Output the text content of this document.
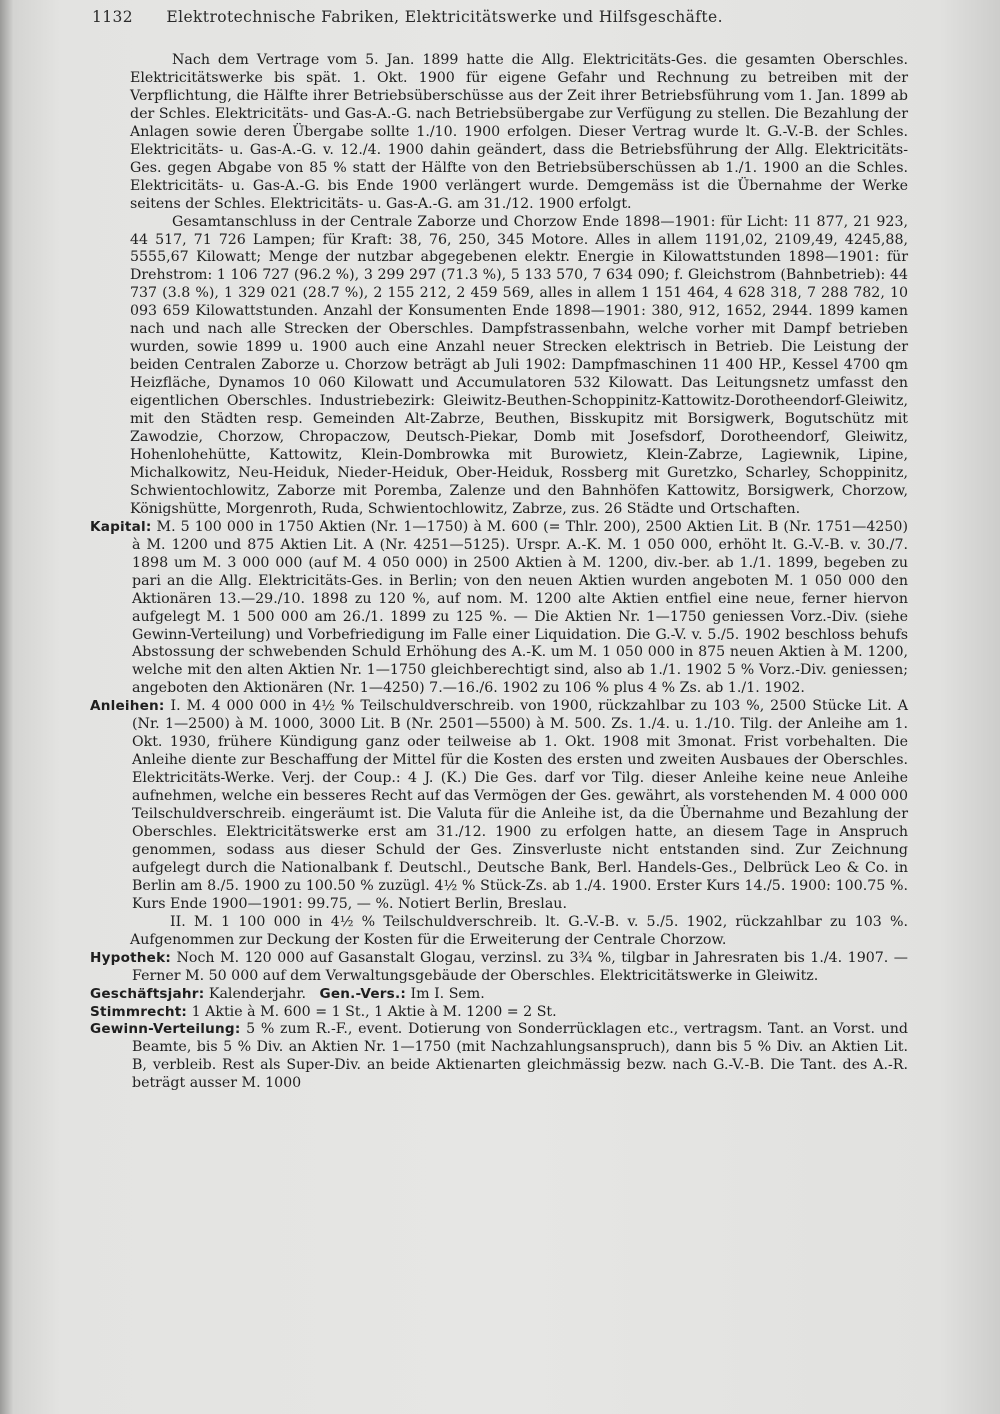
1132 Elektrotechnische Fabriken, Elektricitätswerke und Hilfsgeschäfte.

Nach dem Vertrage vom 5. Jan. 1899 hatte die Allg. Elektricitäts-Ges. die gesamten Oberschles. Elektricitätswerke bis spät. 1. Okt. 1900 für eigene Gefahr und Rechnung zu betreiben mit der Verpflichtung, die Hälfte ihrer Betriebsüberschüsse aus der Zeit ihrer Betriebsführung vom 1. Jan. 1899 ab der Schles. Elektricitäts- und Gas-A.-G. nach Betriebsübergabe zur Verfügung zu stellen. Die Bezahlung der Anlagen sowie deren Übergabe sollte 1./10. 1900 erfolgen. Dieser Vertrag wurde lt. G.-V.-B. der Schles. Elektricitäts- u. Gas-A.-G. v. 12./4. 1900 dahin geändert, dass die Betriebsführung der Allg. Elektricitäts-Ges. gegen Abgabe von 85 % statt der Hälfte von den Betriebsüberschüssen ab 1./1. 1900 an die Schles. Elektricitäts- u. Gas-A.-G. bis Ende 1900 verlängert wurde. Demgemäss ist die Übernahme der Werke seitens der Schles. Elektricitäts- u. Gas-A.-G. am 31./12. 1900 erfolgt.

Gesamtanschluss in der Centrale Zaborze und Chorzow Ende 1898—1901: für Licht: 11 877, 21 923, 44 517, 71 726 Lampen; für Kraft: 38, 76, 250, 345 Motore. Alles in allem 1191,02, 2109,49, 4245,88, 5555,67 Kilowatt; Menge der nutzbar abgegebenen elektr. Energie in Kilowattstunden 1898—1901: für Drehstrom: 1 106 727 (96.2 %), 3 299 297 (71.3 %), 5 133 570, 7 634 090; f. Gleichstrom (Bahnbetrieb): 44 737 (3.8 %), 1 329 021 (28.7 %), 2 155 212, 2 459 569, alles in allem 1 151 464, 4 628 318, 7 288 782, 10 093 659 Kilowattstunden. Anzahl der Konsumenten Ende 1898—1901: 380, 912, 1652, 2944. 1899 kamen nach und nach alle Strecken der Oberschles. Dampfstrassenbahn, welche vorher mit Dampf betrieben wurden, sowie 1899 u. 1900 auch eine Anzahl neuer Strecken elektrisch in Betrieb. Die Leistung der beiden Centralen Zaborze u. Chorzow beträgt ab Juli 1902: Dampfmaschinen 11 400 HP., Kessel 4700 qm Heizfläche, Dynamos 10 060 Kilowatt und Accumulatoren 532 Kilowatt. Das Leitungsnetz umfasst den eigentlichen Oberschles. Industriebezirk: Gleiwitz-Beuthen-Schoppinitz-Kattowitz-Dorotheendorf-Gleiwitz, mit den Städten resp. Gemeinden Alt-Zabrze, Beuthen, Bisskupitz mit Borsigwerk, Bogutschütz mit Zawodzie, Chorzow, Chropaczow, Deutsch-Piekar, Domb mit Josefsdorf, Dorotheendorf, Gleiwitz, Hohenlohehütte, Kattowitz, Klein-Dombrowka mit Burowietz, Klein-Zabrze, Lagiewnik, Lipine, Michalkowitz, Neu-Heiduk, Nieder-Heiduk, Ober-Heiduk, Rossberg mit Guretzko, Scharley, Schoppinitz, Schwientochlowitz, Zaborze mit Poremba, Zalenze und den Bahnhöfen Kattowitz, Borsigwerk, Chorzow, Königshütte, Morgenroth, Ruda, Schwientochlowitz, Zabrze, zus. 26 Städte und Ortschaften.

Kapital: M. 5 100 000 in 1750 Aktien (Nr. 1—1750) à M. 600 (= Thlr. 200), 2500 Aktien Lit. B (Nr. 1751—4250) à M. 1200 und 875 Aktien Lit. A (Nr. 4251—5125). Urspr. A.-K. M. 1 050 000, erhöht lt. G.-V.-B. v. 30./7. 1898 um M. 3 000 000 (auf M. 4 050 000) in 2500 Aktien à M. 1200, div.-ber. ab 1./1. 1899, begeben zu pari an die Allg. Elektricitäts-Ges. in Berlin; von den neuen Aktien wurden angeboten M. 1 050 000 den Aktionären 13.—29./10. 1898 zu 120 %, auf nom. M. 1200 alte Aktien entfiel eine neue, ferner hiervon aufgelegt M. 1 500 000 am 26./1. 1899 zu 125 %. — Die Aktien Nr. 1—1750 geniessen Vorz.-Div. (siehe Gewinn-Verteilung) und Vorbefriedigung im Falle einer Liquidation. Die G.-V. v. 5./5. 1902 beschloss behufs Abstossung der schwebenden Schuld Erhöhung des A.-K. um M. 1 050 000 in 875 neuen Aktien à M. 1200, welche mit den alten Aktien Nr. 1—1750 gleichberechtigt sind, also ab 1./1. 1902 5 % Vorz.-Div. geniessen; angeboten den Aktionären (Nr. 1—4250) 7.—16./6. 1902 zu 106 % plus 4 % Zs. ab 1./1. 1902.

Anleihen: I. M. 4 000 000 in 4½ % Teilschuldverschreib. von 1900, rückzahlbar zu 103 %, 2500 Stücke Lit. A (Nr. 1—2500) à M. 1000, 3000 Lit. B (Nr. 2501—5500) à M. 500. Zs. 1./4. u. 1./10. Tilg. der Anleihe am 1. Okt. 1930, frühere Kündigung ganz oder teilweise ab 1. Okt. 1908 mit 3monat. Frist vorbehalten. Die Anleihe diente zur Beschaffung der Mittel für die Kosten des ersten und zweiten Ausbaues der Oberschles. Elektricitäts-Werke. Verj. der Coup.: 4 J. (K.) Die Ges. darf vor Tilg. dieser Anleihe keine neue Anleihe aufnehmen, welche ein besseres Recht auf das Vermögen der Ges. gewährt, als vorstehenden M. 4 000 000 Teilschuldverschreib. eingeräumt ist. Die Valuta für die Anleihe ist, da die Übernahme und Bezahlung der Oberschles. Elektricitätswerke erst am 31./12. 1900 zu erfolgen hatte, an diesem Tage in Anspruch genommen, sodass aus dieser Schuld der Ges. Zinsverluste nicht entstanden sind. Zur Zeichnung aufgelegt durch die Nationalbank f. Deutschl., Deutsche Bank, Berl. Handels-Ges., Delbrück Leo & Co. in Berlin am 8./5. 1900 zu 100.50 % zuzügl. 4½ % Stück-Zs. ab 1./4. 1900. Erster Kurs 14./5. 1900: 100.75 %. Kurs Ende 1900—1901: 99.75, — %. Notiert Berlin, Breslau.

II. M. 1 100 000 in 4½ % Teilschuldverschreib. lt. G.-V.-B. v. 5./5. 1902, rückzahlbar zu 103 %. Aufgenommen zur Deckung der Kosten für die Erweiterung der Centrale Chorzow.

Hypothek: Noch M. 120 000 auf Gasanstalt Glogau, verzinsl. zu 3¾ %, tilgbar in Jahresraten bis 1./4. 1907. — Ferner M. 50 000 auf dem Verwaltungsgebäude der Oberschles. Elektricitätswerke in Gleiwitz.

Geschäftsjahr: Kalenderjahr. Gen.-Vers.: Im I. Sem.

Stimmrecht: 1 Aktie à M. 600 = 1 St., 1 Aktie à M. 1200 = 2 St.

Gewinn-Verteilung: 5 % zum R.-F., event. Dotierung von Sonderrücklagen etc., vertragsm. Tant. an Vorst. und Beamte, bis 5 % Div. an Aktien Nr. 1—1750 (mit Nachzahlungsanspruch), dann bis 5 % Div. an Aktien Lit. B, verbleib. Rest als Super-Div. an beide Aktienarten gleichmässig bezw. nach G.-V.-B. Die Tant. des A.-R. beträgt ausser M. 1000
